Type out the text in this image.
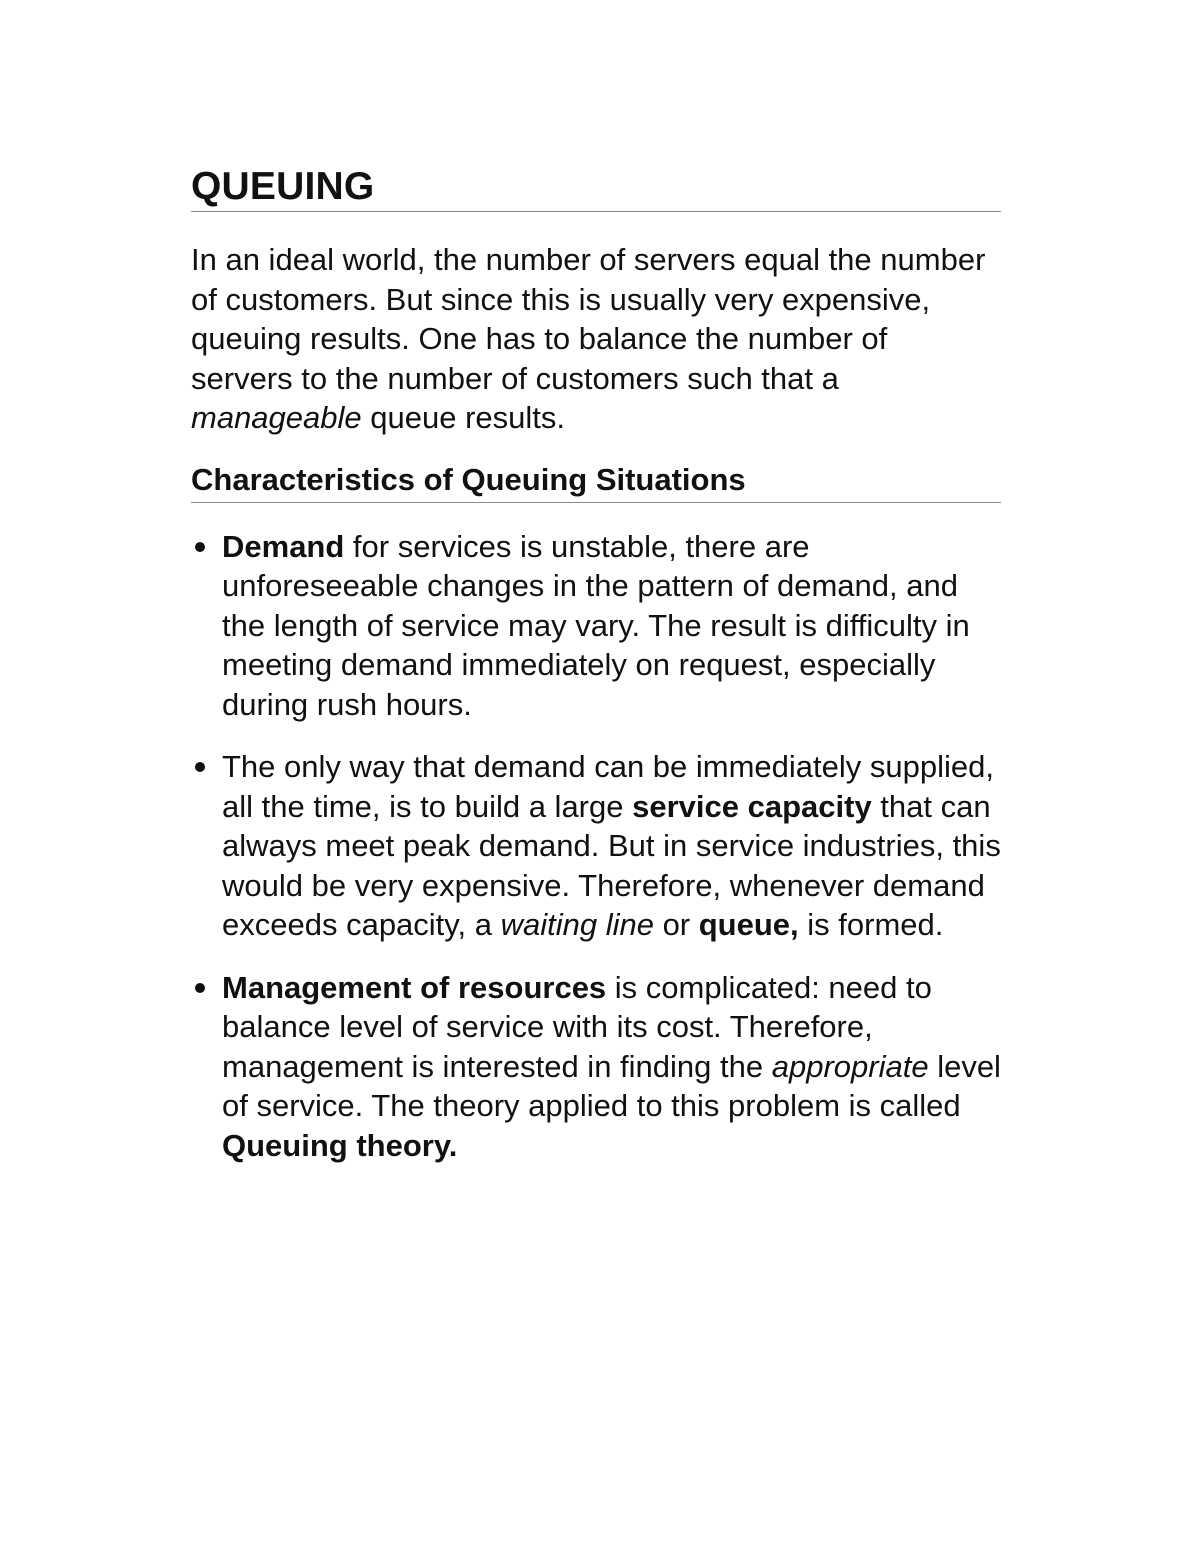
QUEUING

In an ideal world, the number of servers equal the number of customers. But since this is usually very expensive, queuing results. One has to balance the number of servers to the number of customers such that a manageable queue results.

Characteristics of Queuing Situations
Demand for services is unstable, there are unforeseeable changes in the pattern of demand, and the length of service may vary. The result is difficulty in meeting demand immediately on request, especially during rush hours.
The only way that demand can be immediately supplied, all the time, is to build a large service capacity that can always meet peak demand. But in service industries, this would be very expensive. Therefore, whenever demand exceeds capacity, a waiting line or queue, is formed.
Management of resources is complicated: need to balance level of service with its cost. Therefore, management is interested in finding the appropriate level of service. The theory applied to this problem is called Queuing theory.
